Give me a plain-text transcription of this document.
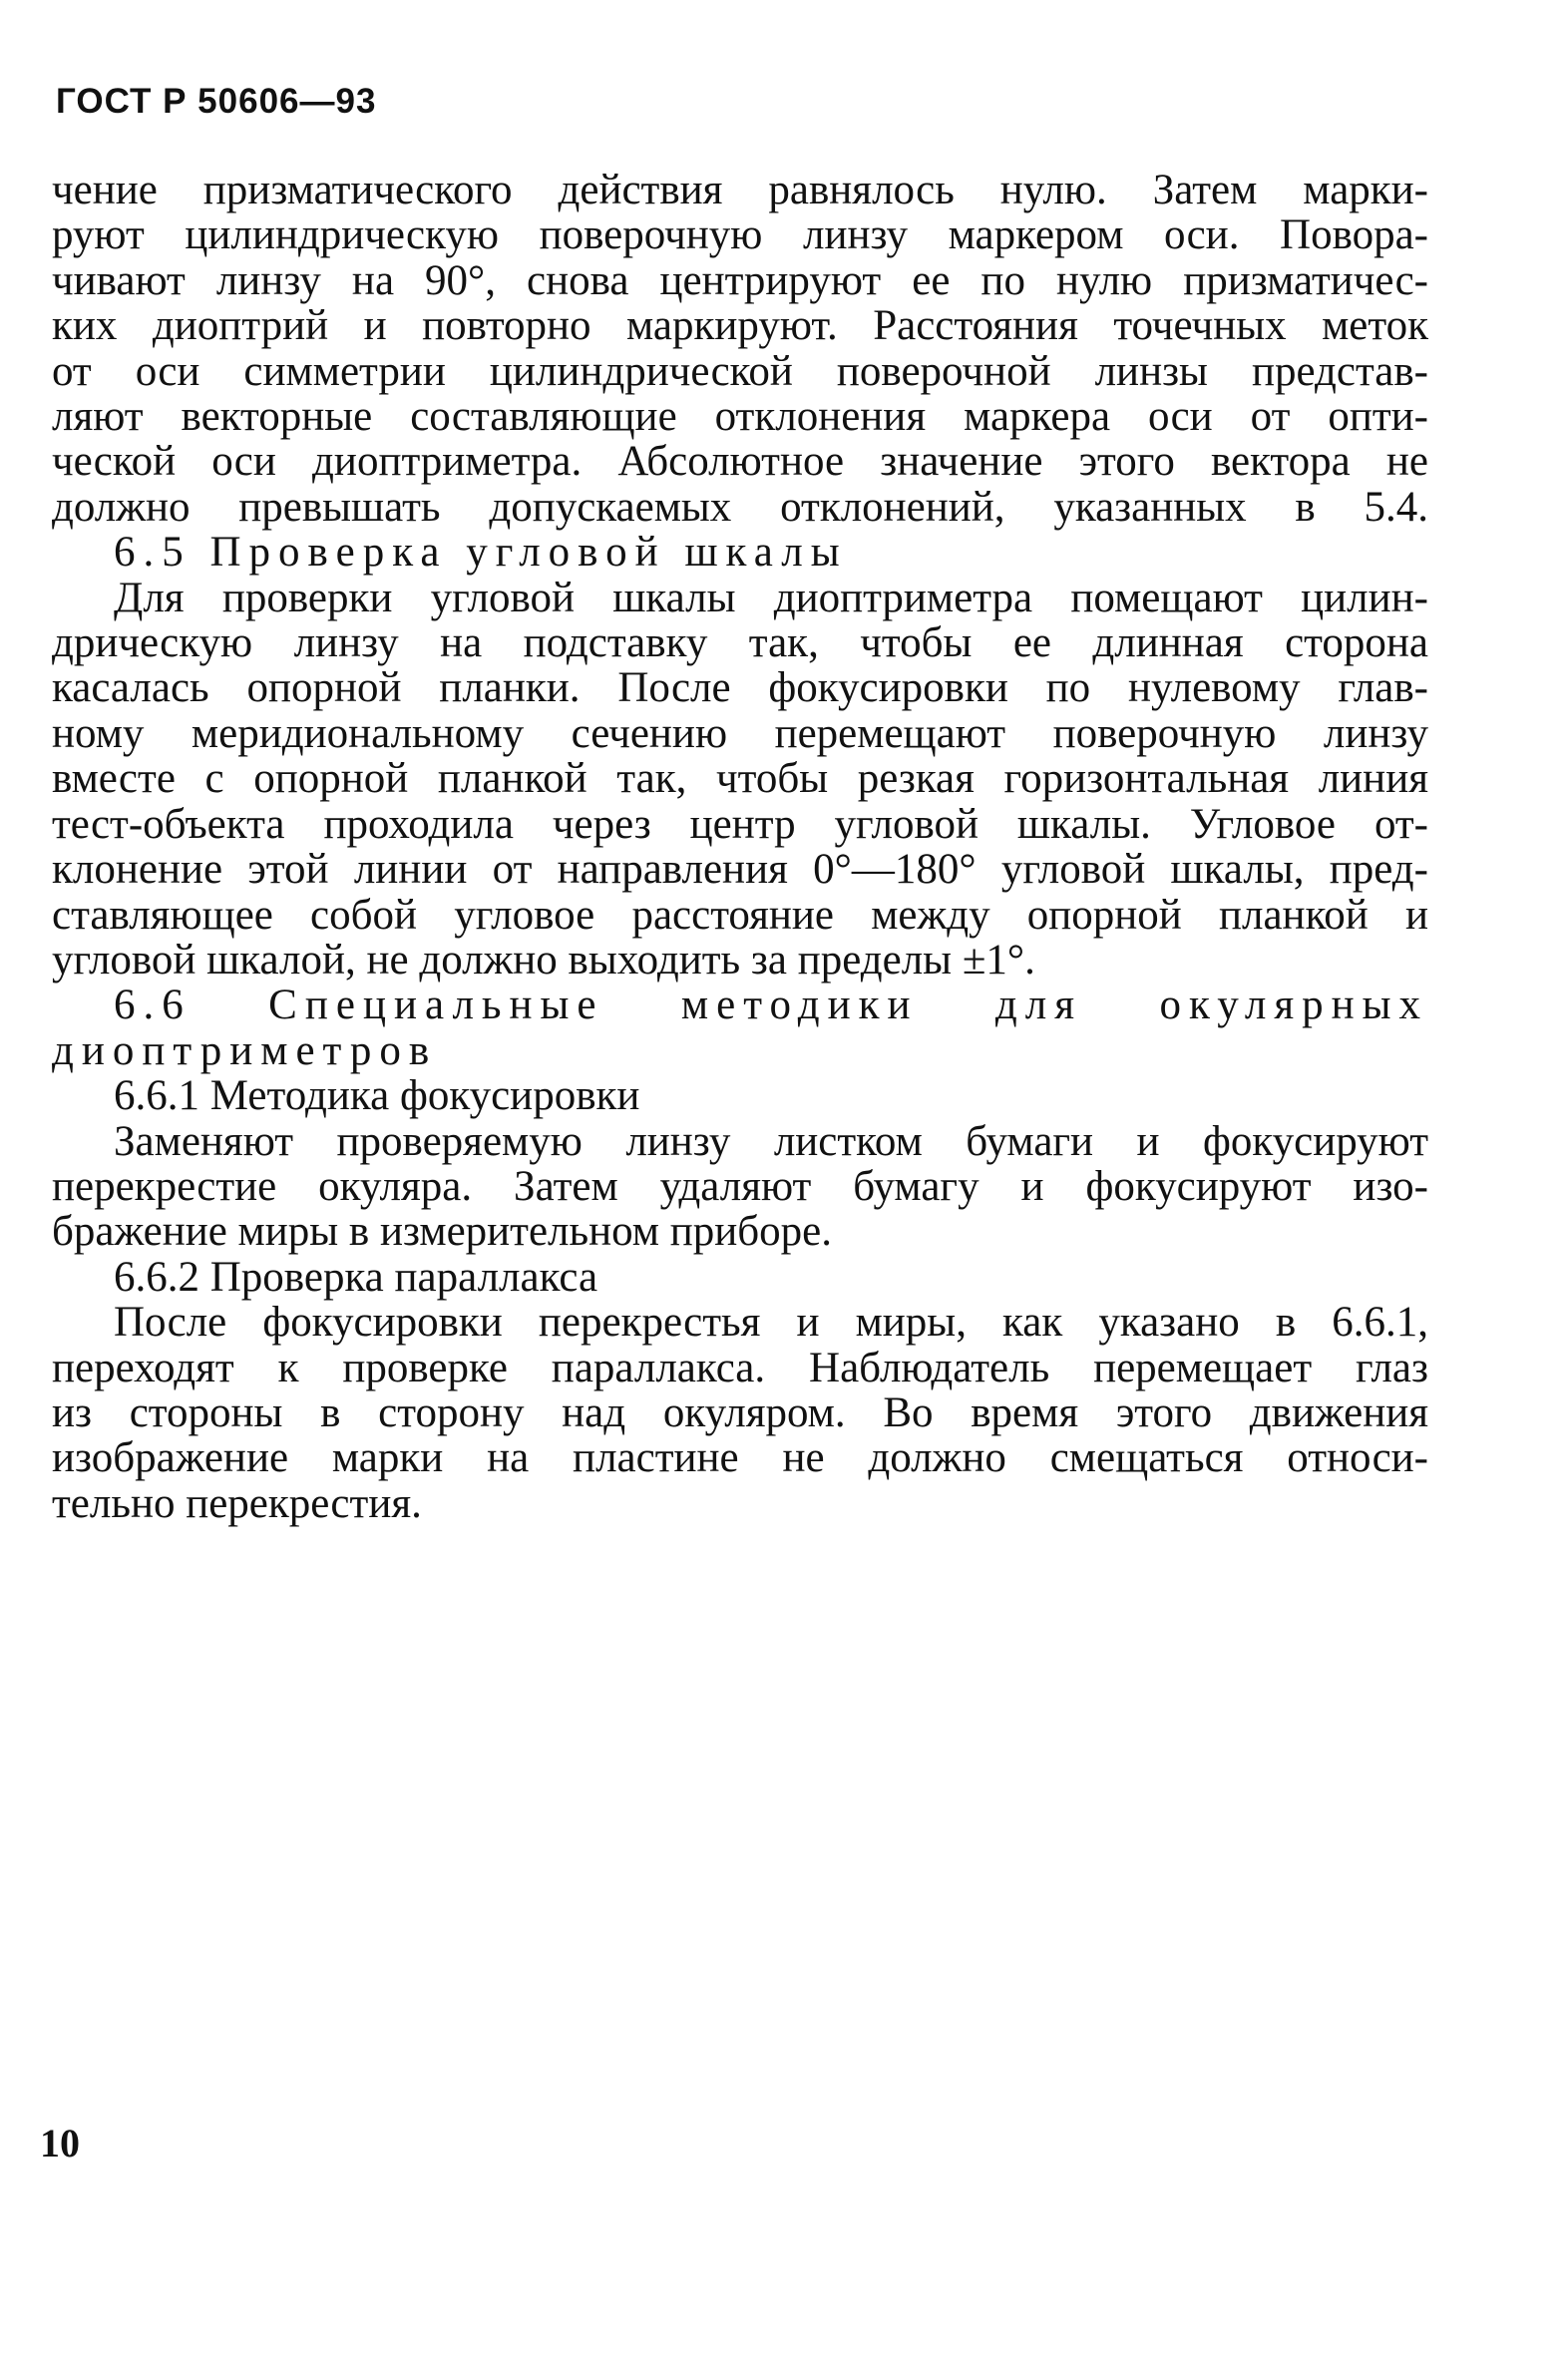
ГОСТ Р 50606—93
чение призматического действия равнялось нулю. Затем марки-
руют цилиндрическую поверочную линзу маркером оси. Повора-
чивают линзу на 90°, снова центрируют ее по нулю призматичес-
ких диоптрий и повторно маркируют. Расстояния точечных меток
от оси симметрии цилиндрической поверочной линзы представ-
ляют векторные составляющие отклонения маркера оси от опти-
ческой оси диоптриметра. Абсолютное значение этого вектора не
должно превышать допускаемых отклонений, указанных в 5.4.
6.5 Проверка угловой шкалы
Для проверки угловой шкалы диоптриметра помещают цилин-
дрическую линзу на подставку так, чтобы ее длинная сторона
касалась опорной планки. После фокусировки по нулевому глав-
ному меридиональному сечению перемещают поверочную линзу
вместе с опорной планкой так, чтобы резкая горизонтальная линия
тест-объекта проходила через центр угловой шкалы. Угловое от-
клонение этой линии от направления 0°—180° угловой шкалы, пред-
ставляющее собой угловое расстояние между опорной планкой и
угловой шкалой, не должно выходить за пределы ±1°.
6.6 Специальные методики для окулярных
диоптриметров
6.6.1 Методика фокусировки
Заменяют проверяемую линзу листком бумаги и фокусируют
перекрестие окуляра. Затем удаляют бумагу и фокусируют изо-
бражение миры в измерительном приборе.
6.6.2 Проверка параллакса
После фокусировки перекрестья и миры, как указано в 6.6.1,
переходят к проверке параллакса. Наблюдатель перемещает глаз
из стороны в сторону над окуляром. Во время этого движения
изображение марки на пластине не должно смещаться относи-
тельно перекрестия.
10
